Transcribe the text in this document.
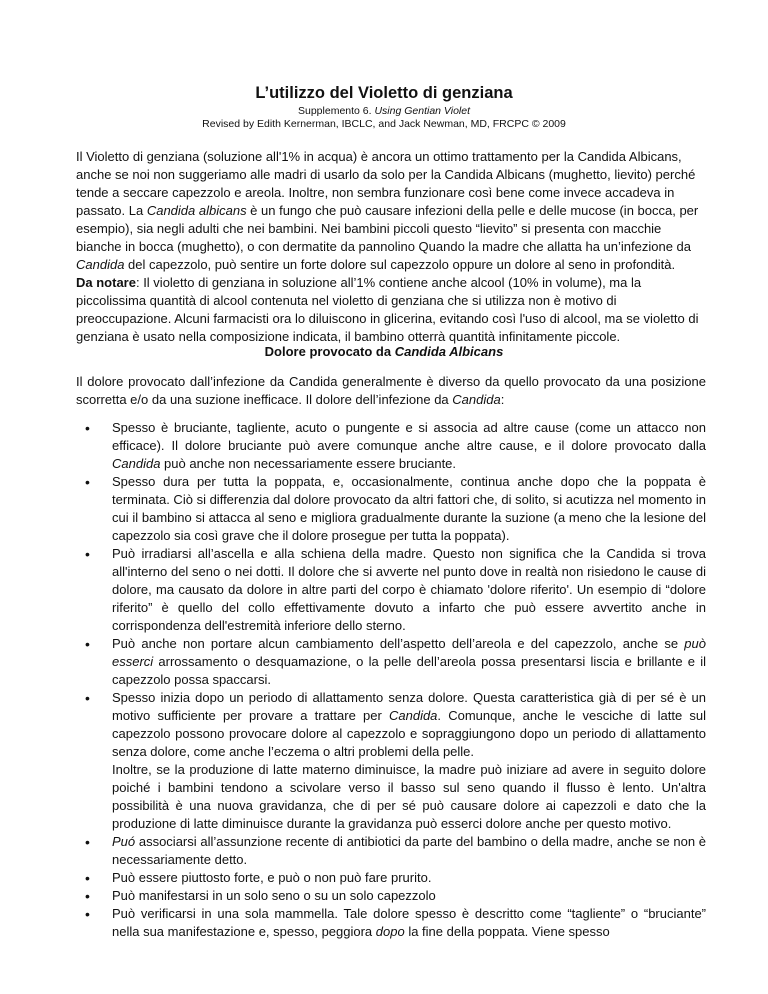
L’utilizzo del Violetto di genziana

Supplemento 6. Using Gentian Violet

Revised by Edith Kernerman, IBCLC, and Jack Newman, MD, FRCPC © 2009

Il Violetto di genziana (soluzione all'1% in acqua) è ancora un ottimo trattamento per la Candida Albicans, anche se noi non suggeriamo alle madri di usarlo da solo per la Candida Albicans (mughetto, lievito) perché tende a seccare capezzolo e areola. Inoltre, non sembra funzionare così bene come invece accadeva in passato. La Candida albicans è un fungo che può causare infezioni della pelle e delle mucose (in bocca, per esempio), sia negli adulti che nei bambini. Nei bambini piccoli questo “lievito” si presenta con macchie bianche in bocca (mughetto), o con dermatite da pannolino Quando la madre che allatta ha un’infezione da Candida del capezzolo, può sentire un forte dolore sul capezzolo oppure un dolore al seno in profondità.

Da notare: Il violetto di genziana in soluzione all’1% contiene anche alcool (10% in volume), ma la piccolissima quantità di alcool contenuta nel violetto di genziana che si utilizza non è motivo di preoccupazione. Alcuni farmacisti ora lo diluiscono in glicerina, evitando così l'uso di alcool, ma se violetto di genziana è usato nella composizione indicata, il bambino otterrà quantità infinitamente piccole.

Dolore provocato da Candida Albicans

Il dolore provocato dall’infezione da Candida generalmente è diverso da quello provocato da una posizione scorretta e/o da una suzione inefficace. Il dolore dell’infezione da Candida:

• Spesso è bruciante, tagliente, acuto o pungente e si associa ad altre cause (come un attacco non efficace). Il dolore bruciante può avere comunque anche altre cause, e il dolore provocato dalla Candida può anche non necessariamente essere bruciante.
• Spesso dura per tutta la poppata, e, occasionalmente, continua anche dopo che la poppata è terminata. Ciò si differenzia dal dolore provocato da altri fattori che, di solito, si acutizza nel momento in cui il bambino si attacca al seno e migliora gradualmente durante la suzione (a meno che la lesione del capezzolo sia così grave che il dolore prosegue per tutta la poppata).
• Può irradiarsi all’ascella e alla schiena della madre. Questo non significa che la Candida si trova all'interno del seno o nei dotti. Il dolore che si avverte nel punto dove in realtà non risiedono le cause di dolore, ma causato da dolore in altre parti del corpo è chiamato 'dolore riferito'. Un esempio di “dolore riferito” è quello del collo effettivamente dovuto a infarto che può essere avvertito anche in corrispondenza dell'estremità inferiore dello sterno.
• Può anche non portare alcun cambiamento dell’aspetto dell’areola e del capezzolo, anche se può esserci arrossamento o desquamazione, o la pelle dell’areola possa presentarsi liscia e brillante e il capezzolo possa spaccarsi.
• Spesso inizia dopo un periodo di allattamento senza dolore. Questa caratteristica già di per sé è un motivo sufficiente per provare a trattare per Candida. Comunque, anche le vesciche di latte sul capezzolo possono provocare dolore al capezzolo e sopraggiungono dopo un periodo di allattamento senza dolore, come anche l’eczema o altri problemi della pelle.

Inoltre, se la produzione di latte materno diminuisce, la madre può iniziare ad avere in seguito dolore poiché i bambini tendono a scivolare verso il basso sul seno quando il flusso è lento. Un'altra possibilità è una nuova gravidanza, che di per sé può causare dolore ai capezzoli e dato che la produzione di latte diminuisce durante la gravidanza può esserci dolore anche per questo motivo.

• Puó associarsi all’assunzione recente di antibiotici da parte del bambino o della madre, anche se non è necessariamente detto.
• Può essere piuttosto forte, e può o non può fare prurito.
• Può manifestarsi in un solo seno o su un solo capezzolo
• Può verificarsi in una sola mammella. Tale dolore spesso è descritto come “tagliente” o “bruciante” nella sua manifestazione e, spesso, peggiora dopo la fine della poppata. Viene spesso
